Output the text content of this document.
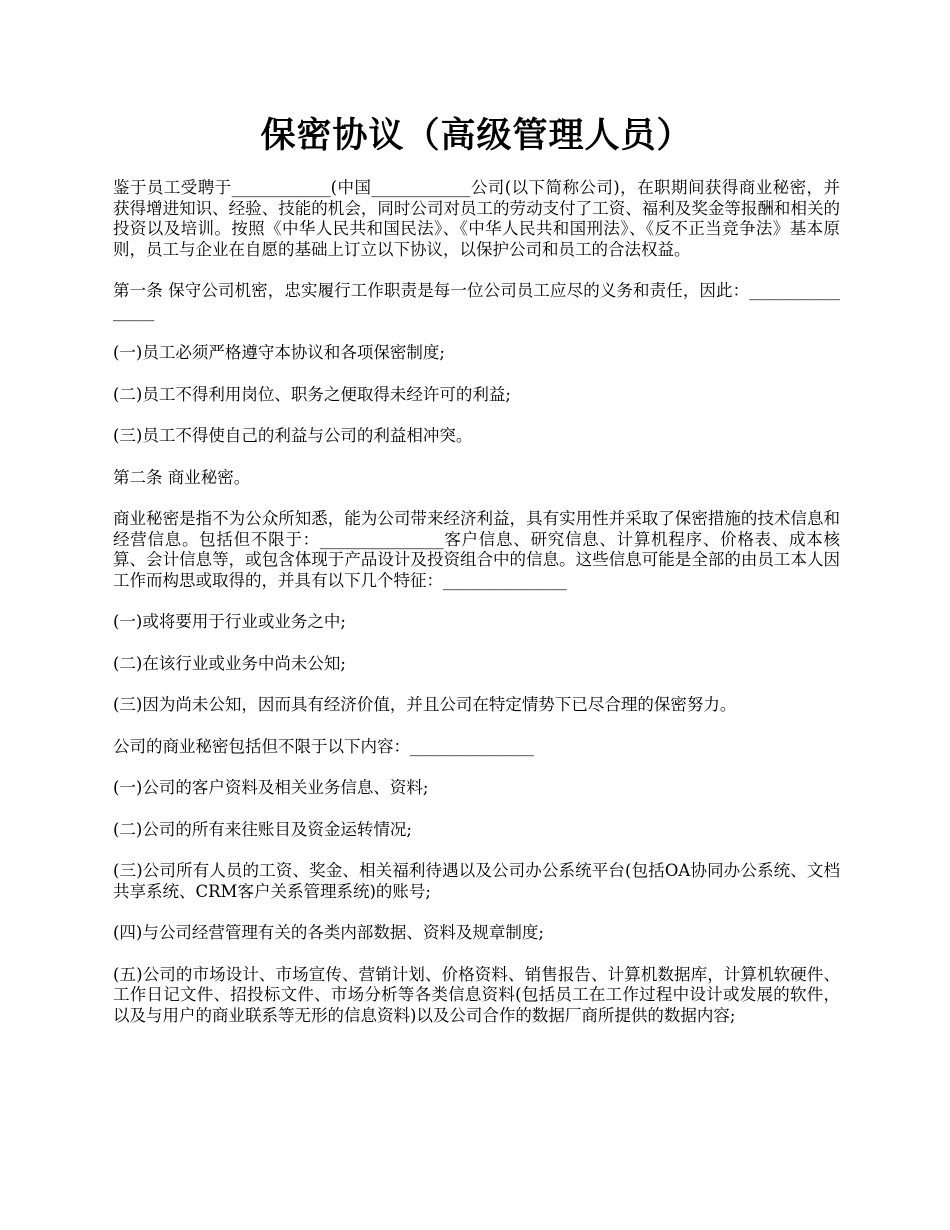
保密协议（高级管理人员）

鉴于员工受聘于____________(中国____________公司(以下简称公司)，在职期间获得商业秘密，并获得增进知识、经验、技能的机会，同时公司对员工的劳动支付了工资、福利及奖金等报酬和相关的投资以及培训。按照《中华人民共和国民法》、《中华人民共和国刑法》、《反不正当竞争法》基本原则，员工与企业在自愿的基础上订立以下协议，以保护公司和员工的合法权益。

第一条 保守公司机密，忠实履行工作职责是每一位公司员工应尽的义务和责任，因此：________________

(一)员工必须严格遵守本协议和各项保密制度;

(二)员工不得利用岗位、职务之便取得未经许可的利益;

(三)员工不得使自己的利益与公司的利益相冲突。

第二条 商业秘密。

商业秘密是指不为公众所知悉，能为公司带来经济利益，具有实用性并采取了保密措施的技术信息和经营信息。包括但不限于：_______________客户信息、研究信息、计算机程序、价格表、成本核算、会计信息等，或包含体现于产品设计及投资组合中的信息。这些信息可能是全部的由员工本人因工作而构思或取得的，并具有以下几个特征：_______________

(一)或将要用于行业或业务之中;

(二)在该行业或业务中尚未公知;

(三)因为尚未公知，因而具有经济价值，并且公司在特定情势下已尽合理的保密努力。

公司的商业秘密包括但不限于以下内容：_______________

(一)公司的客户资料及相关业务信息、资料;

(二)公司的所有来往账目及资金运转情况;

(三)公司所有人员的工资、奖金、相关福利待遇以及公司办公系统平台(包括OA协同办公系统、文档共享系统、CRM客户关系管理系统)的账号;

(四)与公司经营管理有关的各类内部数据、资料及规章制度;

(五)公司的市场设计、市场宣传、营销计划、价格资料、销售报告、计算机数据库，计算机软硬件、工作日记文件、招投标文件、市场分析等各类信息资料(包括员工在工作过程中设计或发展的软件，以及与用户的商业联系等无形的信息资料)以及公司合作的数据厂商所提供的数据内容;
